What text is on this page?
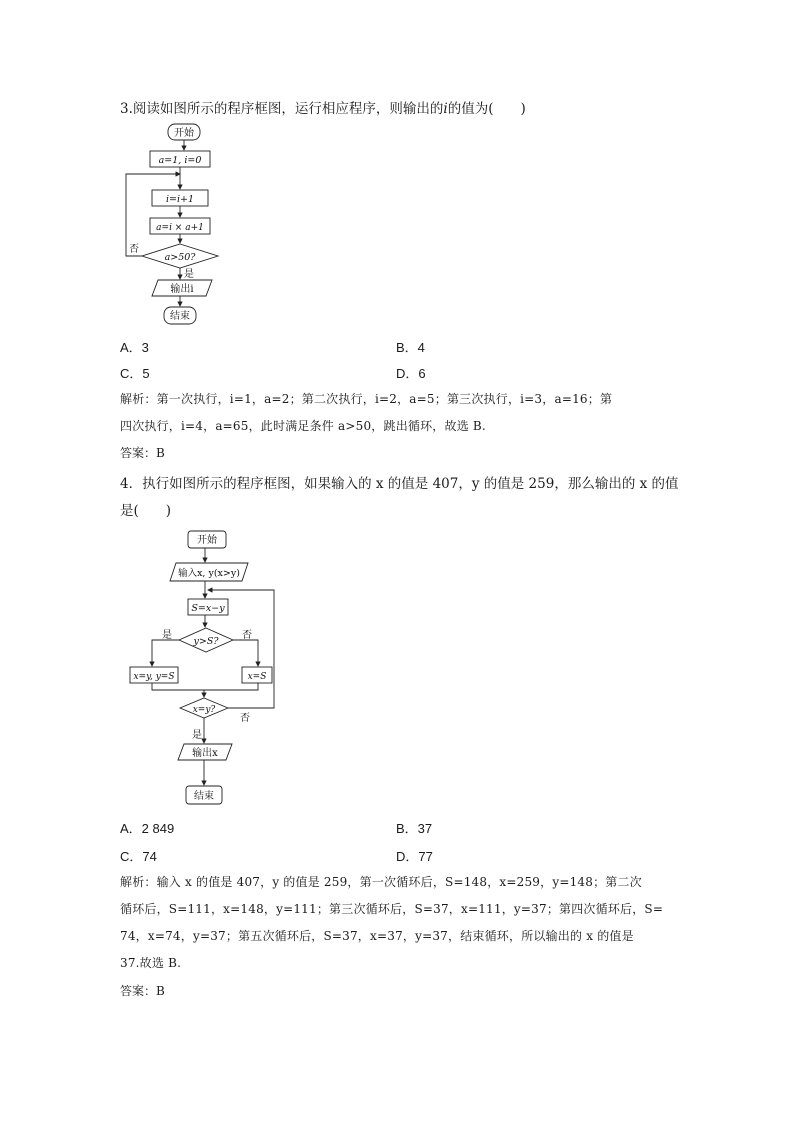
3.阅读如图所示的程序框图，运行相应程序，则输出的i的值为(　　)
开始
a=1, i=0
i=i+1
a=i × a+1
a>50?
否
是
输出i
结束
A．3	B．4
C．5	D．6
解析：第一次执行，i=1，a=2；第二次执行，i=2，a=5；第三次执行，i=3，a=16；第
四次执行，i=4，a=65，此时满足条件 a>50，跳出循环，故选 B.
答案：B
4．执行如图所示的程序框图，如果输入的 x 的值是 407，y 的值是 259，那么输出的 x 的值
是(　　)
开始
输入x, y(x>y)
S=x−y
y>S?
是	否
x=y, y=S	x=S
x=y?
否
是
输出x
结束
A．2 849	B．37
C．74	D．77
解析：输入 x 的值是 407，y 的值是 259，第一次循环后，S=148，x=259，y=148；第二次
循环后，S=111，x=148，y=111；第三次循环后，S=37，x=111，y=37；第四次循环后，S=
74，x=74，y=37；第五次循环后，S=37，x=37，y=37，结束循环，所以输出的 x 的值是
37.故选 B.
答案：B
